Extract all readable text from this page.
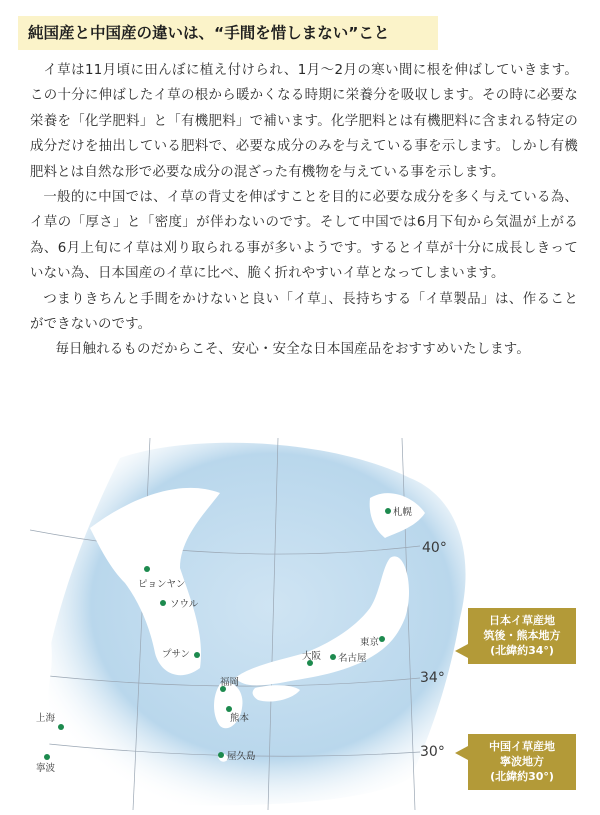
純国産と中国産の違いは、“手間を惜しまない”こと

イ草は11月頃に田んぼに植え付けられ、1月〜2月の寒い間に根を伸ばしていきます。この十分に伸ばしたイ草の根から暖かくなる時期に栄養分を吸収します。その時に必要な栄養を「化学肥料」と「有機肥料」で補います。化学肥料とは有機肥料に含まれる特定の成分だけを抽出している肥料で、必要な成分のみを与えている事を示します。しかし有機肥料とは自然な形で必要な成分の混ざった有機物を与えている事を示します。

一般的に中国では、イ草の背丈を伸ばすことを目的に必要な成分を多く与えている為、イ草の「厚さ」と「密度」が伴わないのです。そして中国では6月下旬から気温が上がる為、6月上旬にイ草は刈り取られる事が多いようです。するとイ草が十分に成長しきっていない為、日本国産のイ草に比べ、脆く折れやすいイ草となってしまいます。

つまりきちんと手間をかけないと良い「イ草」、長持ちする「イ草製品」は、作ることができないのです。

毎日触れるものだからこそ、安心・安全な日本国産品をおすすめいたします。

札幌
ピョンヤン
ソウル
プサン
福岡
熊本
屋久島
大阪 名古屋
東京
上海
寧波
40°
34°
30°
日本イ草産地
筑後・熊本地方
(北緯約34°)
中国イ草産地
寧波地方
(北緯約30°)
